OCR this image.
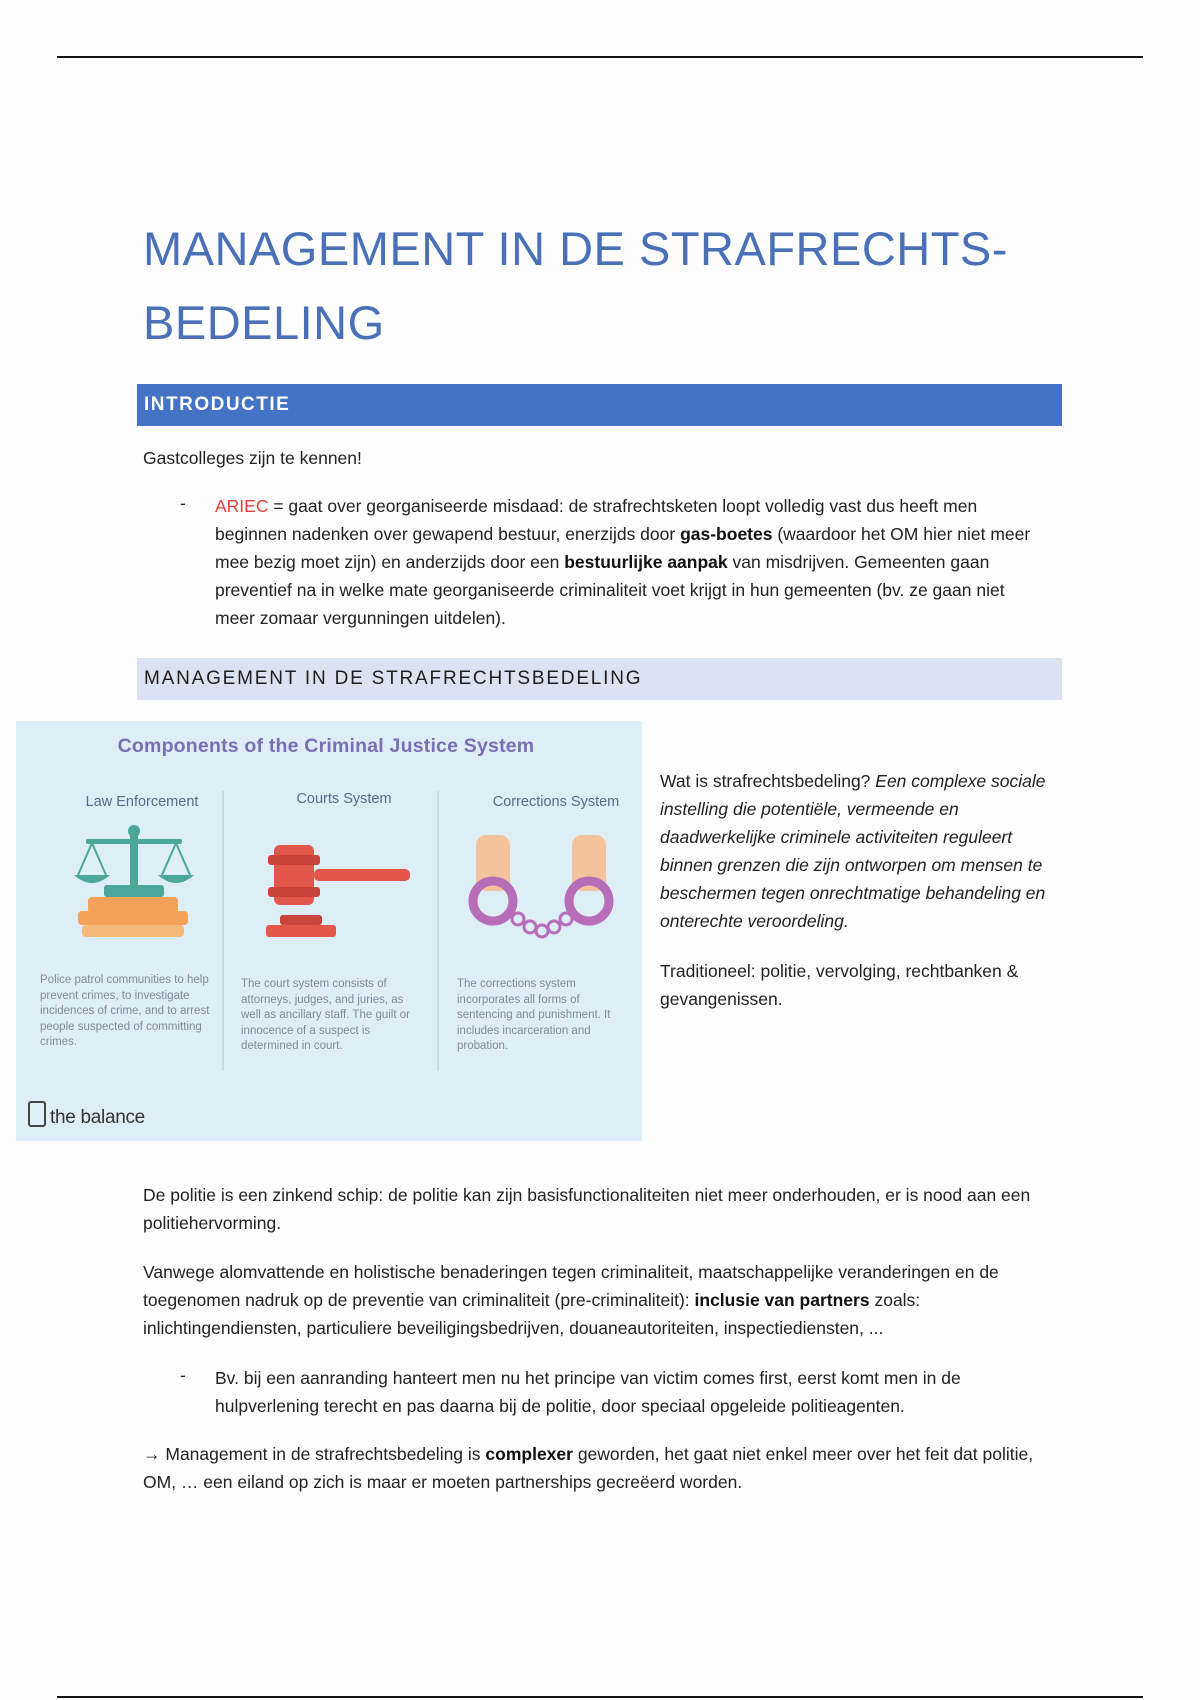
MANAGEMENT IN DE STRAFRECHTS-
BEDELING
INTRODUCTIE

Gastcolleges zijn te kennen!

- ARIEC = gaat over georganiseerde misdaad: de strafrechtsketen loopt volledig vast dus heeft men beginnen nadenken over gewapend bestuur, enerzijds door gas-boetes (waardoor het OM hier niet meer mee bezig moet zijn) en anderzijds door een bestuurlijke aanpak van misdrijven. Gemeenten gaan preventief na in welke mate georganiseerde criminaliteit voet krijgt in hun gemeenten (bv. ze gaan niet meer zomaar vergunningen uitdelen).

MANAGEMENT IN DE STRAFRECHTSBEDELING
Components of the Criminal Justice System
Law Enforcement	Courts System	Corrections System
Police patrol communities to help prevent crimes, to investigate incidences of crime, and to arrest people suspected of committing crimes.
The court system consists of attorneys, judges, and juries, as well as ancillary staff. The guilt or innocence of a suspect is determined in court.
The corrections system incorporates all forms of sentencing and punishment. It includes incarceration and probation.
the balance

Wat is strafrechtsbedeling? Een complexe sociale instelling die potentiële, vermeende en daadwerkelijke criminele activiteiten reguleert binnen grenzen die zijn ontworpen om mensen te beschermen tegen onrechtmatige behandeling en onterechte veroordeling.

Traditioneel: politie, vervolging, rechtbanken & gevangenissen.

De politie is een zinkend schip: de politie kan zijn basisfunctionaliteiten niet meer onderhouden, er is nood aan een politiehervorming.

Vanwege alomvattende en holistische benaderingen tegen criminaliteit, maatschappelijke veranderingen en de toegenomen nadruk op de preventie van criminaliteit (pre-criminaliteit): inclusie van partners zoals: inlichtingendiensten, particuliere beveiligingsbedrijven, douaneautoriteiten, inspectiediensten, ...

- Bv. bij een aanranding hanteert men nu het principe van victim comes first, eerst komt men in de hulpverlening terecht en pas daarna bij de politie, door speciaal opgeleide politieagenten.

→ Management in de strafrechtsbedeling is complexer geworden, het gaat niet enkel meer over het feit dat politie, OM, … een eiland op zich is maar er moeten partnerships gecreëerd worden.
